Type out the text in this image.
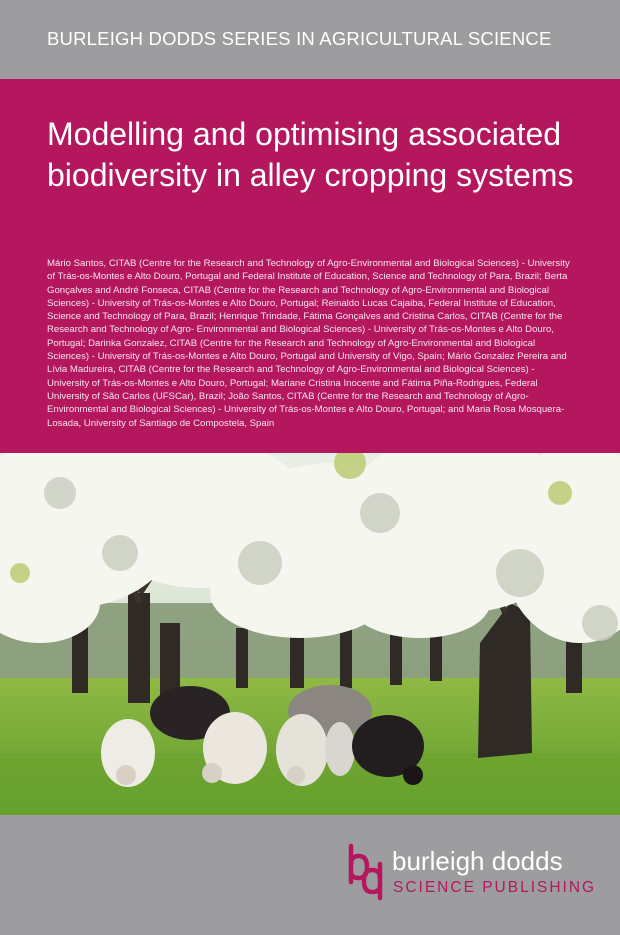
BURLEIGH DODDS SERIES IN AGRICULTURAL SCIENCE
Modelling and optimising associated biodiversity in alley cropping systems
Mário Santos, CITAB (Centre for the Research and Technology of Agro-Environmental and Biological Sciences) - University of Trás-os-Montes e Alto Douro, Portugal and Federal Institute of Education, Science and Technology of Para, Brazil; Berta Gonçalves and André Fonseca, CITAB (Centre for the Research and Technology of Agro-Environmental and Biological Sciences) - University of Trás-os-Montes e Alto Douro, Portugal; Reinaldo Lucas Cajaiba, Federal Institute of Education, Science and Technology of Para, Brazil; Henrique Trindade, Fátima Gonçalves and Cristina Carlos, CITAB (Centre for the Research and Technology of Agro- Environmental and Biological Sciences) - University of Trás-os-Montes e Alto Douro, Portugal; Darinka Gonzalez, CITAB (Centre for the Research and Technology of Agro-Environmental and Biological Sciences) - University of Trás-os-Montes e Alto Douro, Portugal and University of Vigo, Spain; Mário Gonzalez Pereira and Lívia Madureira, CITAB (Centre for the Research and Technology of Agro-Environmental and Biological Sciences) - University of Trás-os-Montes e Alto Douro, Portugal; Mariane Cristina Inocente and Fátima Piña-Rodrigues, Federal University of São Carlos (UFSCar), Brazil; João Santos, CITAB (Centre for the Research and Technology of Agro-Environmental and Biological Sciences) - University of Trás-os-Montes e Alto Douro, Portugal; and Maria Rosa Mosquera-Losada, University of Santiago de Compostela, Spain
burleigh dodds
SCIENCE PUBLISHING
